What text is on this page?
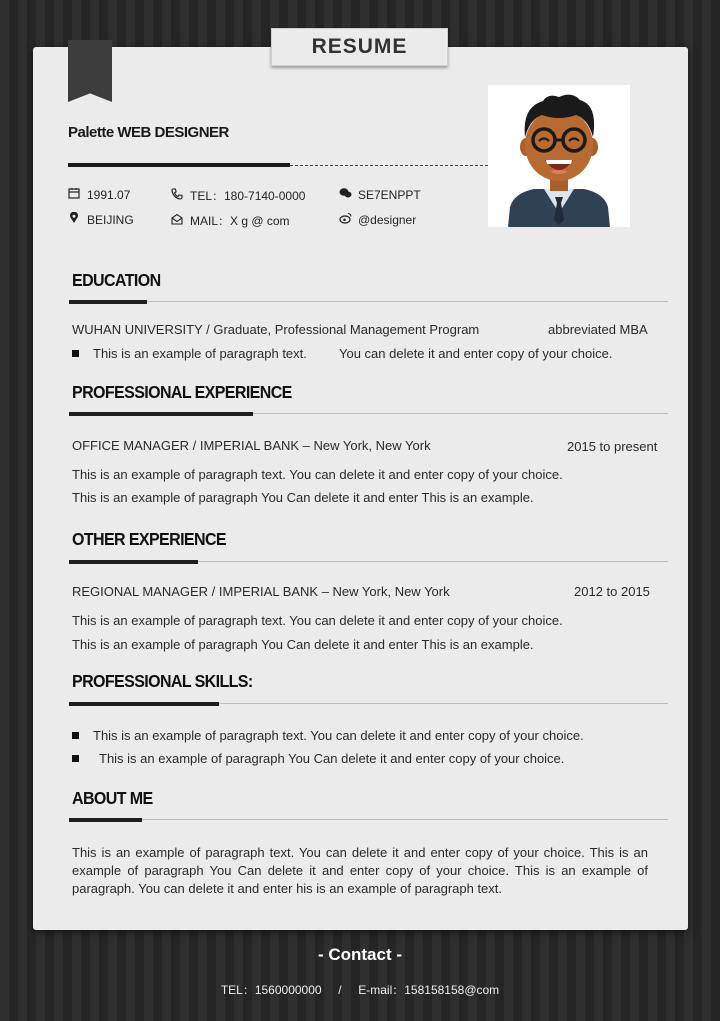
RESUME
Palette WEB DESIGNER
1991.07	TEL：180-7140-0000	SE7ENPPT
BEIJING	MAIL：X g @ com	@designer
EDUCATION
WUHAN UNIVERSITY / Graduate, Professional Management Program	abbreviated MBA
This is an example of paragraph text. You can delete it and enter copy of your choice.
PROFESSIONAL EXPERIENCE
OFFICE MANAGER / IMPERIAL BANK – New York, New York	2015 to present
This is an example of paragraph text. You can delete it and enter copy of your choice.
This is an example of paragraph You Can delete it and enter This is an example.
OTHER EXPERIENCE
REGIONAL MANAGER / IMPERIAL BANK – New York, New York	2012 to 2015
This is an example of paragraph text. You can delete it and enter copy of your choice.
This is an example of paragraph You Can delete it and enter This is an example.
PROFESSIONAL SKILLS:
This is an example of paragraph text. You can delete it and enter copy of your choice.
This is an example of paragraph You Can delete it and enter copy of your choice.
ABOUT ME
This is an example of paragraph text. You can delete it and enter copy of your choice. This is an example of paragraph You Can delete it and enter copy of your choice. This is an example of paragraph. You can delete it and enter his is an example of paragraph text.
- Contact -
TEL：1560000000     /     E-mail：158158158@com
